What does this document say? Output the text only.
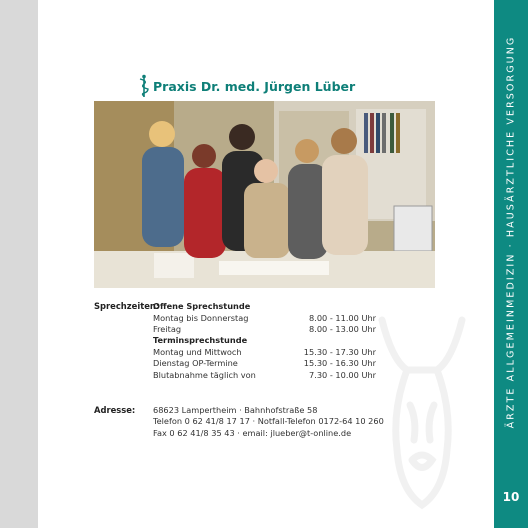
ÄRZTE ALLGEMEINMEDIZIN · HAUSÄRZTLICHE VERSORGUNG
10
Praxis Dr. med. Jürgen Lüber
Sprechzeiten:
Offene Sprechstunde
Montag bis Donnerstag	8.00 - 11.00 Uhr
Freitag	8.00 - 13.00 Uhr
Terminsprechstunde
Montag und Mittwoch	15.30 - 17.30 Uhr
Dienstag OP-Termine	15.30 - 16.30 Uhr
Blutabnahme täglich von	7.30 - 10.00 Uhr
Adresse: 68623 Lampertheim · Bahnhofstraße 58
Telefon 0 62 41/8 17 17 · Notfall-Telefon 0172-64 10 260
Fax 0 62 41/8 35 43 · email: jlueber@t-online.de
